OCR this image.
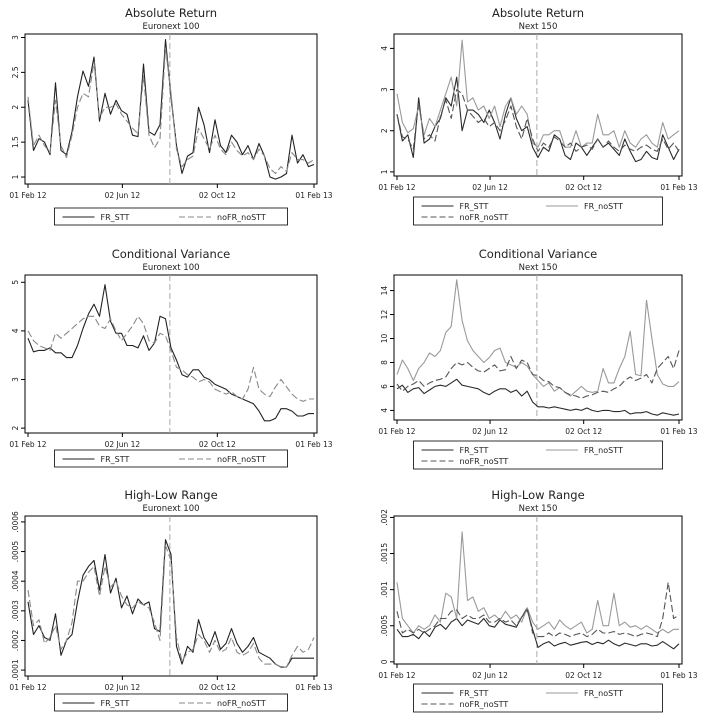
Absolute Return
Euronext 100
1
1.5
2
2.5
3
01 Feb 12	02 Jun 12	02 Oct 12	01 Feb 13
FR_STT	noFR_noSTT
Absolute Return
Next 150
1
2
3
4
01 Feb 12	02 Jun 12	02 Oct 12	01 Feb 13
FR_STT	FR_noSTT
noFR_noSTT
Conditional Variance
Euronext 100
2
3
4
5
01 Feb 12	02 Jun 12	02 Oct 12	01 Feb 13
FR_STT	noFR_noSTT
Conditional Variance
Next 150
4
6
8
10
12
14
01 Feb 12	02 Jun 12	02 Oct 12	01 Feb 13
FR_STT	FR_noSTT
noFR_noSTT
High-Low Range
Euronext 100
.0001
.0002
.0003
.0004
.0005
.0006
01 Feb 12	02 Jun 12	02 Oct 12	01 Feb 13
FR_STT	noFR_noSTT
High-Low Range
Next 150
0
.0005
.001
.0015
.002
01 Feb 12	02 Jun 12	02 Oct 12	01 Feb 13
FR_STT	FR_noSTT
noFR_noSTT
